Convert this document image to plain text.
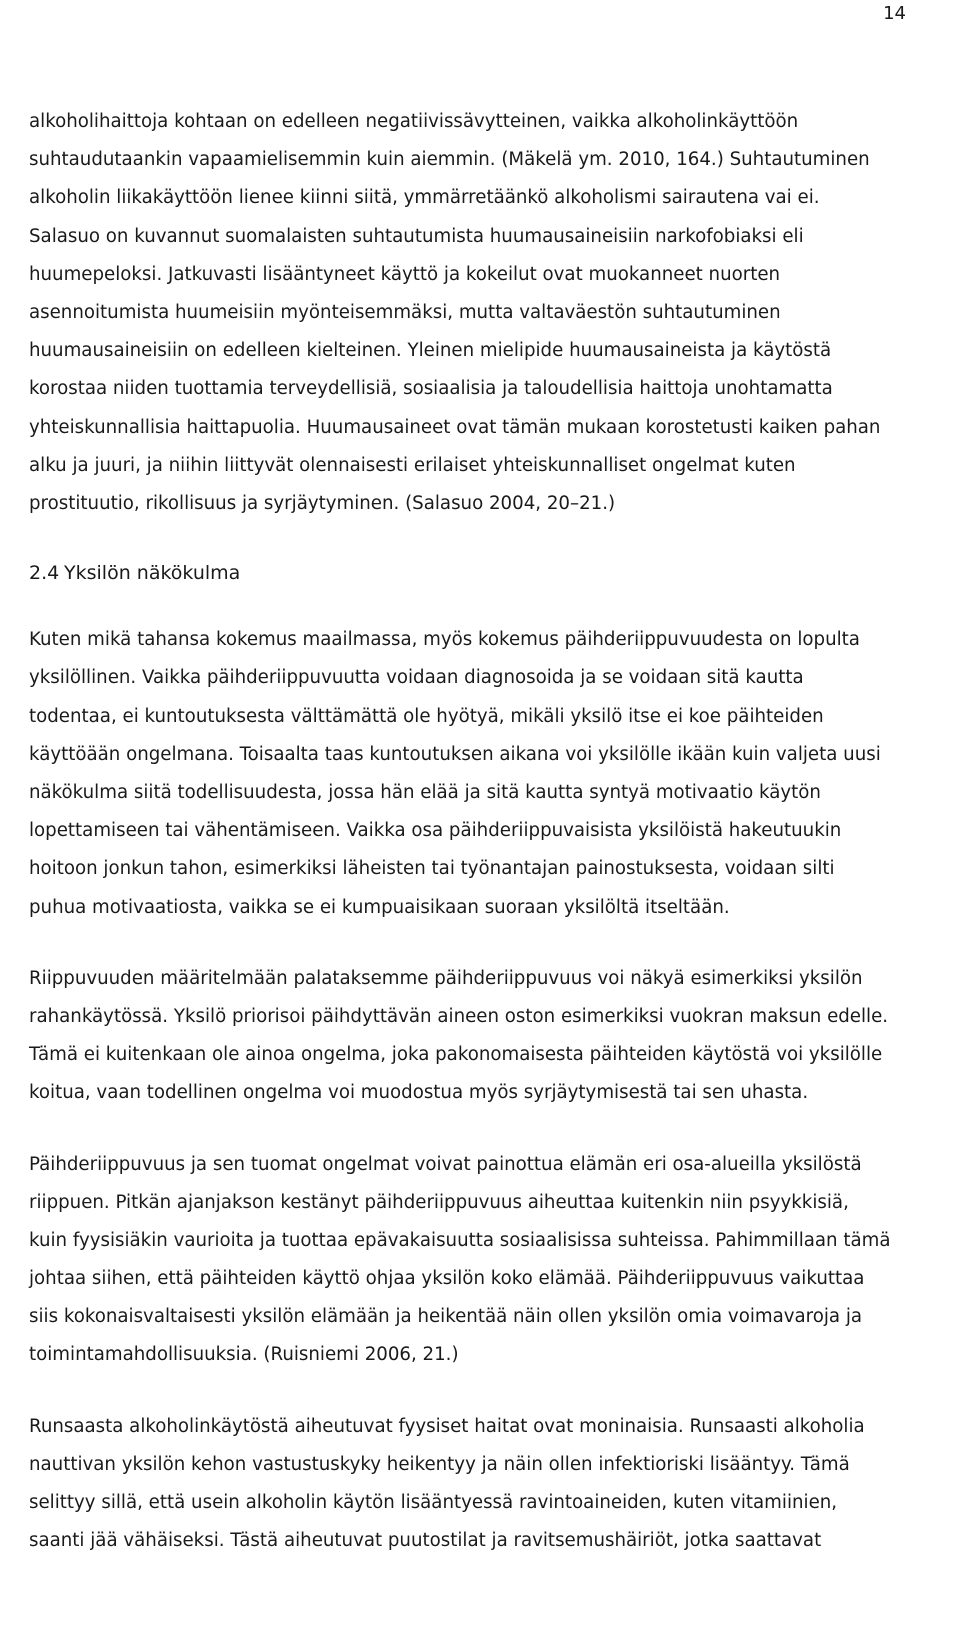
14

alkoholihaittoja kohtaan on edelleen negatiivissävytteinen, vaikka alkoholinkäyttöön
suhtaudutaankin vapaamielisemmin kuin aiemmin. (Mäkelä ym. 2010, 164.) Suhtautuminen
alkoholin liikakäyttöön lienee kiinni siitä, ymmärretäänkö alkoholismi sairautena vai ei.
Salasuo on kuvannut suomalaisten suhtautumista huumausaineisiin narkofobiaksi eli
huumepeloksi. Jatkuvasti lisääntyneet käyttö ja kokeilut ovat muokanneet nuorten
asennoitumista huumeisiin myönteisemmäksi, mutta valtaväestön suhtautuminen
huumausaineisiin on edelleen kielteinen. Yleinen mielipide huumausaineista ja käytöstä
korostaa niiden tuottamia terveydellisiä, sosiaalisia ja taloudellisia haittoja unohtamatta
yhteiskunnallisia haittapuolia. Huumausaineet ovat tämän mukaan korostetusti kaiken pahan
alku ja juuri, ja niihin liittyvät olennaisesti erilaiset yhteiskunnalliset ongelmat kuten
prostituutio, rikollisuus ja syrjäytyminen. (Salasuo 2004, 20–21.)

2.4 Yksilön näkökulma

Kuten mikä tahansa kokemus maailmassa, myös kokemus päihderiippuvuudesta on lopulta
yksilöllinen. Vaikka päihderiippuvuutta voidaan diagnosoida ja se voidaan sitä kautta
todentaa, ei kuntoutuksesta välttämättä ole hyötyä, mikäli yksilö itse ei koe päihteiden
käyttöään ongelmana. Toisaalta taas kuntoutuksen aikana voi yksilölle ikään kuin valjeta uusi
näkökulma siitä todellisuudesta, jossa hän elää ja sitä kautta syntyä motivaatio käytön
lopettamiseen tai vähentämiseen. Vaikka osa päihderiippuvaisista yksilöistä hakeutuukin
hoitoon jonkun tahon, esimerkiksi läheisten tai työnantajan painostuksesta, voidaan silti
puhua motivaatiosta, vaikka se ei kumpuaisikaan suoraan yksilöltä itseltään.

Riippuvuuden määritelmään palataksemme päihderiippuvuus voi näkyä esimerkiksi yksilön
rahankäytössä. Yksilö priorisoi päihdyttävän aineen oston esimerkiksi vuokran maksun edelle.
Tämä ei kuitenkaan ole ainoa ongelma, joka pakonomaisesta päihteiden käytöstä voi yksilölle
koitua, vaan todellinen ongelma voi muodostua myös syrjäytymisestä tai sen uhasta.

Päihderiippuvuus ja sen tuomat ongelmat voivat painottua elämän eri osa-alueilla yksilöstä
riippuen. Pitkän ajanjakson kestänyt päihderiippuvuus aiheuttaa kuitenkin niin psyykkisiä,
kuin fyysisiäkin vaurioita ja tuottaa epävakaisuutta sosiaalisissa suhteissa. Pahimmillaan tämä
johtaa siihen, että päihteiden käyttö ohjaa yksilön koko elämää. Päihderiippuvuus vaikuttaa
siis kokonaisvaltaisesti yksilön elämään ja heikentää näin ollen yksilön omia voimavaroja ja
toimintamahdollisuuksia. (Ruisniemi 2006, 21.)

Runsaasta alkoholinkäytöstä aiheutuvat fyysiset haitat ovat moninaisia. Runsaasti alkoholia
nauttivan yksilön kehon vastustuskyky heikentyy ja näin ollen infektioriski lisääntyy. Tämä
selittyy sillä, että usein alkoholin käytön lisääntyessä ravintoaineiden, kuten vitamiinien,
saanti jää vähäiseksi. Tästä aiheutuvat puutostilat ja ravitsemushäiriöt, jotka saattavat
